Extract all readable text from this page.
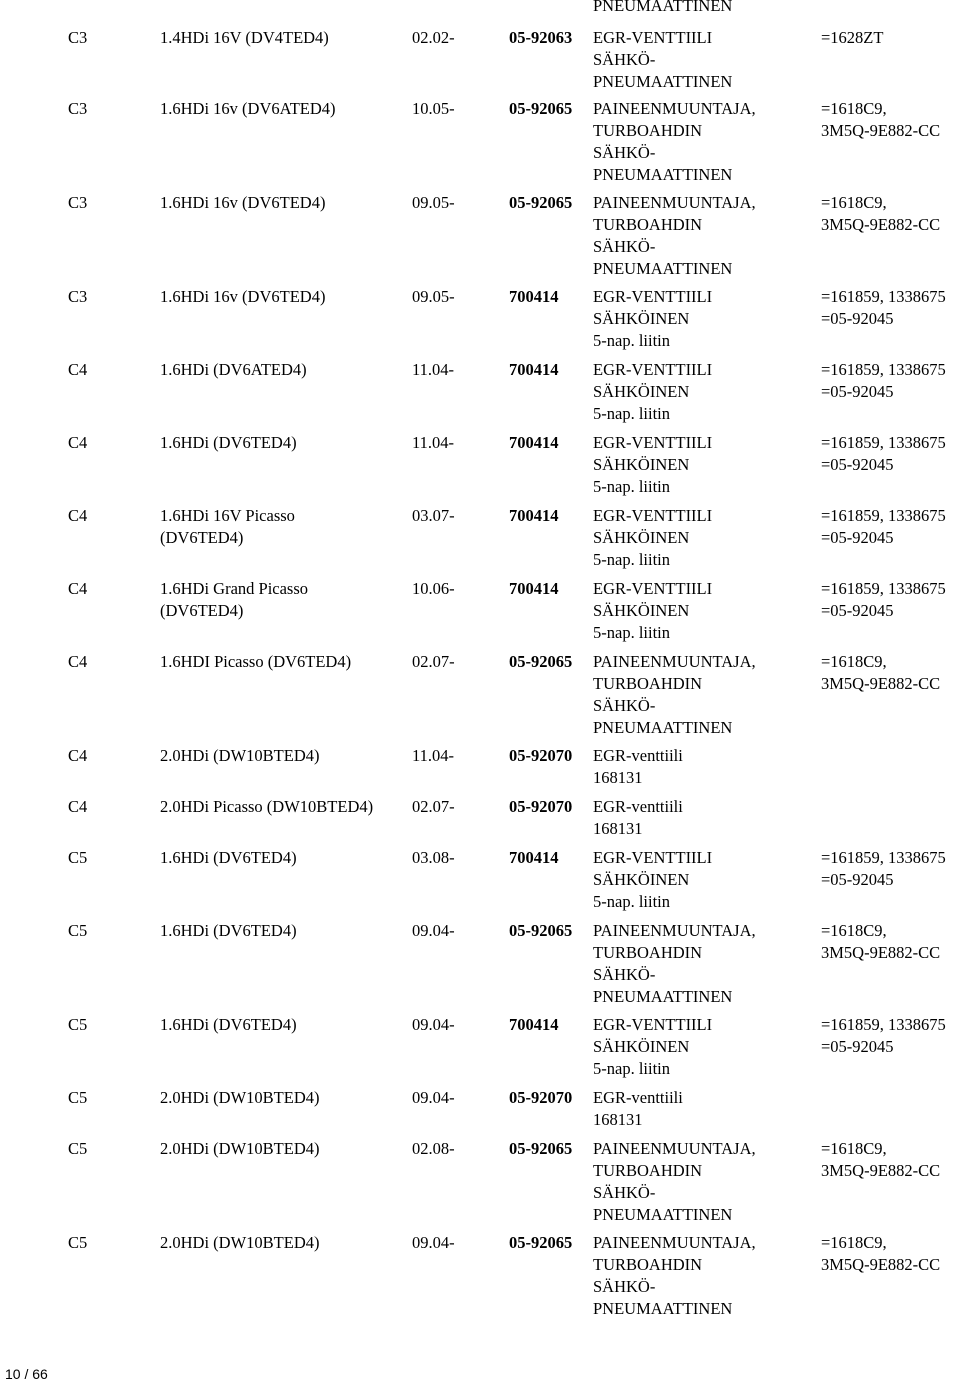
PNEUMAATTINEN
C3	1.4HDi 16V (DV4TED4)	02.02-	05-92063 EGR-VENTTIILI
SÄHKÖ-
PNEUMAATTINEN
=1628ZT
C3	1.6HDi 16v (DV6ATED4)	10.05-	05-92065 PAINEENMUUNTAJA,
TURBOAHDIN
SÄHKÖ-
PNEUMAATTINEN
=1618C9,
3M5Q-9E882-CC
C3	1.6HDi 16v (DV6TED4)	09.05-	05-92065 PAINEENMUUNTAJA,
TURBOAHDIN
SÄHKÖ-
PNEUMAATTINEN
=1618C9,
3M5Q-9E882-CC
C3	1.6HDi 16v (DV6TED4)	09.05-	700414 EGR-VENTTIILI
SÄHKÖINEN
5-nap. liitin
=161859, 1338675
=05-92045
C4	1.6HDi (DV6ATED4)	11.04-	700414 EGR-VENTTIILI
SÄHKÖINEN
5-nap. liitin
=161859, 1338675
=05-92045
C4	1.6HDi (DV6TED4)	11.04-	700414 EGR-VENTTIILI
SÄHKÖINEN
5-nap. liitin
=161859, 1338675
=05-92045
C4	1.6HDi 16V Picasso
(DV6TED4)
03.07-	700414 EGR-VENTTIILI
SÄHKÖINEN
5-nap. liitin
=161859, 1338675
=05-92045
C4	1.6HDi Grand Picasso
(DV6TED4)
10.06-	700414 EGR-VENTTIILI
SÄHKÖINEN
5-nap. liitin
=161859, 1338675
=05-92045
C4	1.6HDI Picasso (DV6TED4)	02.07-	05-92065 PAINEENMUUNTAJA,
TURBOAHDIN
SÄHKÖ-
PNEUMAATTINEN
=1618C9,
3M5Q-9E882-CC
C4	2.0HDi (DW10BTED4)	11.04-	05-92070 EGR-venttiili
168131
C4	2.0HDi Picasso (DW10BTED4) 02.07-	05-92070 EGR-venttiili
168131
C5	1.6HDi (DV6TED4)	03.08-	700414 EGR-VENTTIILI
SÄHKÖINEN
5-nap. liitin
=161859, 1338675
=05-92045
C5	1.6HDi (DV6TED4)	09.04-	05-92065 PAINEENMUUNTAJA,
TURBOAHDIN
SÄHKÖ-
PNEUMAATTINEN
=1618C9,
3M5Q-9E882-CC
C5	1.6HDi (DV6TED4)	09.04-	700414 EGR-VENTTIILI
SÄHKÖINEN
5-nap. liitin
=161859, 1338675
=05-92045
C5	2.0HDi (DW10BTED4)	09.04-	05-92070 EGR-venttiili
168131
C5	2.0HDi (DW10BTED4)	02.08-	05-92065 PAINEENMUUNTAJA,
TURBOAHDIN
SÄHKÖ-
PNEUMAATTINEN
=1618C9,
3M5Q-9E882-CC
C5	2.0HDi (DW10BTED4)	09.04-	05-92065 PAINEENMUUNTAJA,
TURBOAHDIN
SÄHKÖ-
PNEUMAATTINEN
=1618C9,
3M5Q-9E882-CC
10 / 66
